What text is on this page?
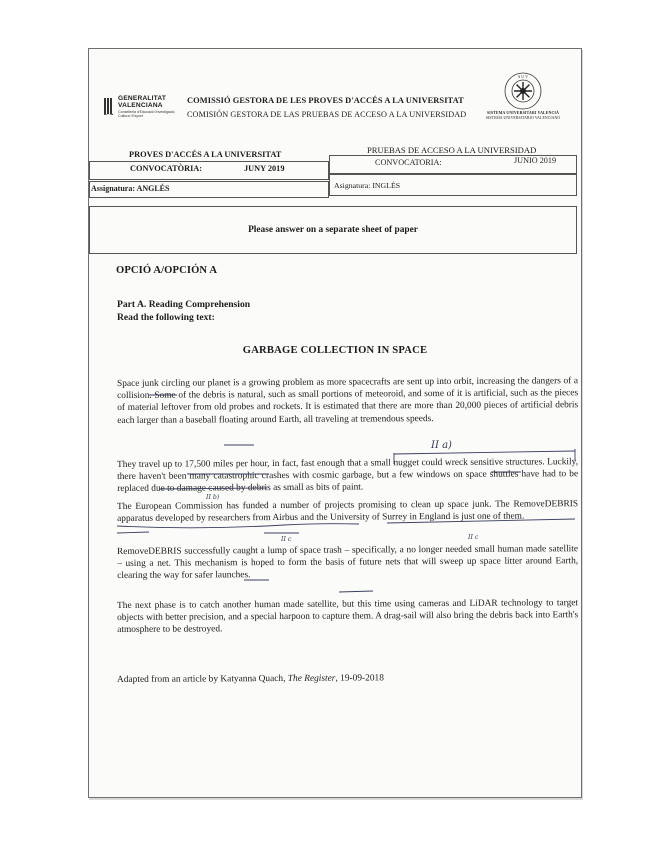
GENERALITAT
VALENCIANA
Conselleria d'Educació Investigació, Cultura i Esport
COMISSIÓ GESTORA DE LES PROVES D'ACCÉS A LA UNIVERSITAT
COMISIÓN GESTORA DE LAS PRUEBAS DE ACCESO A LA UNIVERSIDAD
S U V
SISTEMA UNIVERSITARI VALENCIÀ
SISTEMA UNIVERSITARIO VALENCIANO
PROVES D'ACCÉS A LA UNIVERSITAT	PRUEBAS DE ACCESO A LA UNIVERSIDAD
CONVOCATÒRIA:	JUNY 2019
CONVOCATORIA:	JUNIO 2019
Assignatura: ANGLÉS	Asignatura: INGLÉS
Please answer on a separate sheet of paper
OPCIÓ A/OPCIÓN A
Part A. Reading Comprehension
Read the following text:
GARBAGE COLLECTION IN SPACE
Space junk circling our planet is a growing problem as more spacecrafts are sent up into orbit, increasing the dangers of a collision. Some of the debris is natural, such as small portions of meteoroid, and some of it is artificial, such as the pieces of material leftover from old probes and rockets. It is estimated that there are more than 20,000 pieces of artificial debris each larger than a baseball floating around Earth, all traveling at tremendous speeds.
They travel up to 17,500 miles per hour, in fact, fast enough that a small nugget could wreck sensitive structures. Luckily, there haven't been many catastrophic crashes with cosmic garbage, but a few windows on space shuttles have had to be replaced due to damage caused by debris as small as bits of paint.
The European Commission has funded a number of projects promising to clean up space junk. The RemoveDEBRIS apparatus developed by researchers from Airbus and the University of Surrey in England is just one of them.
RemoveDEBRIS successfully caught a lump of space trash – specifically, a no longer needed small human made satellite – using a net. This mechanism is hoped to form the basis of future nets that will sweep up space litter around Earth, clearing the way for safer launches.
The next phase is to catch another human made satellite, but this time using cameras and LiDAR technology to target objects with better precision, and a special harpoon to capture them. A drag-sail will also bring the debris back into Earth's atmosphere to be destroyed.
Adapted from an article by Katyanna Quach, The Register, 19-09-2018
II a)
II b)
II c	II c
